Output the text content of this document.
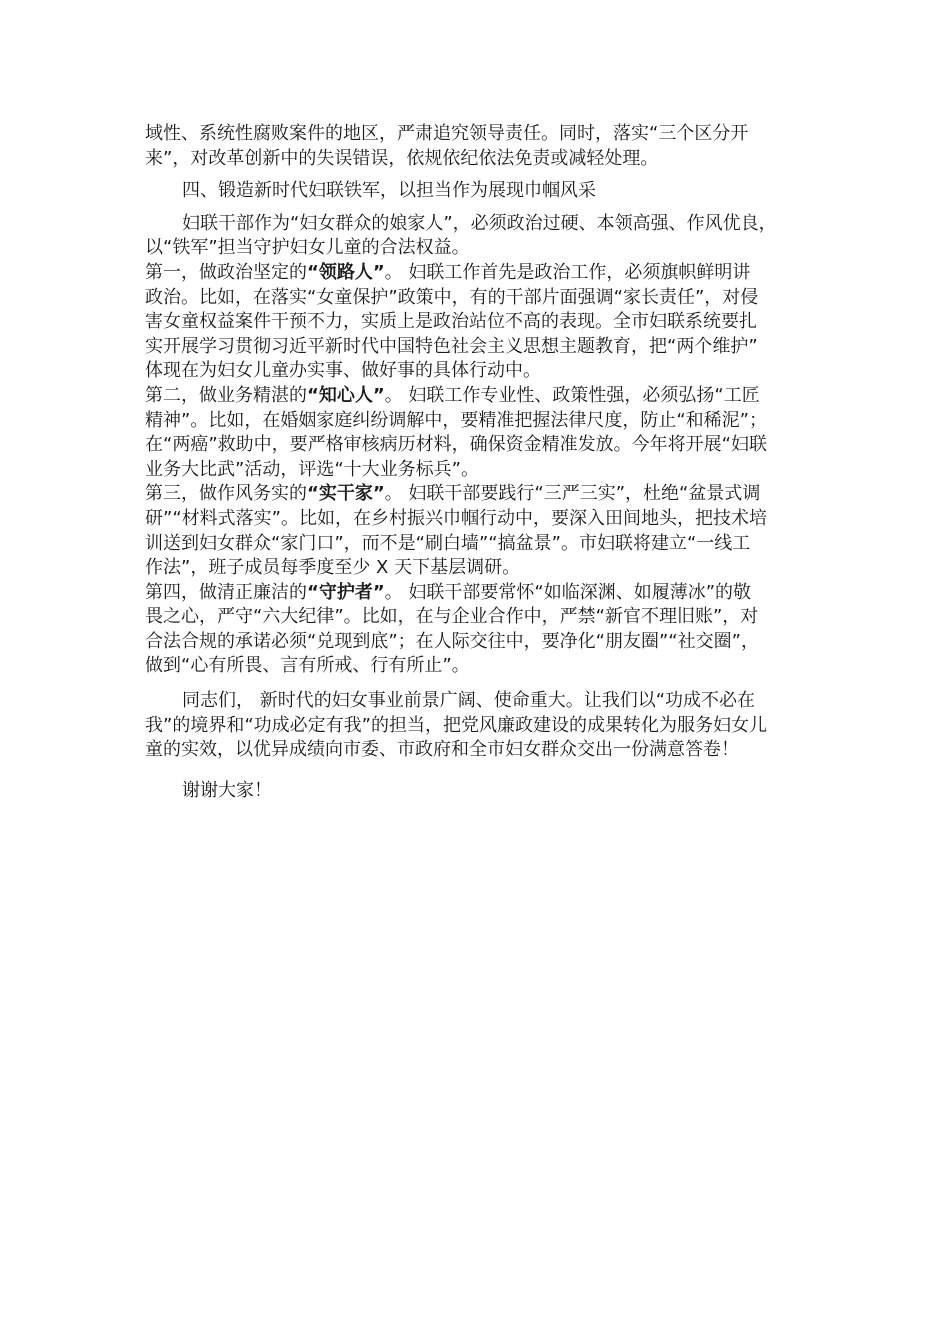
域性、系统性腐败案件的地区，严肃追究领导责任。同时，落实“三个区分开
来”，对改革创新中的失误错误，依规依纪依法免责或减轻处理。

四、锻造新时代妇联铁军，以担当作为展现巾帼风采

妇联干部作为“妇女群众的娘家人”，必须政治过硬、本领高强、作风优良，
以“铁军”担当守护妇女儿童的合法权益。

第一，做政治坚定的“领路人”。 妇联工作首先是政治工作，必须旗帜鲜明讲
政治。比如，在落实“女童保护”政策中，有的干部片面强调“家长责任”，对侵
害女童权益案件干预不力，实质上是政治站位不高的表现。全市妇联系统要扎
实开展学习贯彻习近平新时代中国特色社会主义思想主题教育，把“两个维护”
体现在为妇女儿童办实事、做好事的具体行动中。

第二，做业务精湛的“知心人”。 妇联工作专业性、政策性强，必须弘扬“工匠
精神”。比如，在婚姻家庭纠纷调解中，要精准把握法律尺度，防止“和稀泥”；
在“两癌”救助中，要严格审核病历材料，确保资金精准发放。今年将开展“妇联
业务大比武”活动，评选“十大业务标兵”。

第三，做作风务实的“实干家”。 妇联干部要践行“三严三实”，杜绝“盆景式调
研”“材料式落实”。比如，在乡村振兴巾帼行动中，要深入田间地头，把技术培
训送到妇女群众“家门口”，而不是“刷白墙”“搞盆景”。市妇联将建立“一线工
作法”，班子成员每季度至少 X 天下基层调研。

第四，做清正廉洁的“守护者”。 妇联干部要常怀“如临深渊、如履薄冰”的敬
畏之心，严守“六大纪律”。比如，在与企业合作中，严禁“新官不理旧账”，对
合法合规的承诺必须“兑现到底”；在人际交往中，要净化“朋友圈”“社交圈”，
做到“心有所畏、言有所戒、行有所止”。

同志们， 新时代的妇女事业前景广阔、使命重大。让我们以“功成不必在
我”的境界和“功成必定有我”的担当，把党风廉政建设的成果转化为服务妇女儿
童的实效，以优异成绩向市委、市政府和全市妇女群众交出一份满意答卷！

谢谢大家！
